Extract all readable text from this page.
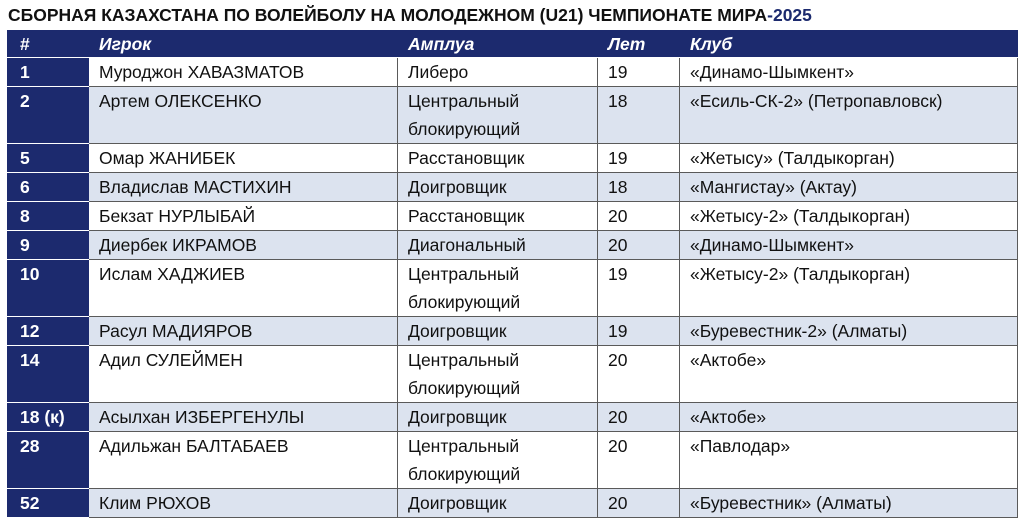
СБОРНАЯ КАЗАХСТАНА ПО ВОЛЕЙБОЛУ НА МОЛОДЕЖНОМ (U21) ЧЕМПИОНАТЕ МИРА-2025
#	Игрок	Амплуа	Лет	Клуб
1	Муроджон ХАВАЗМАТОВ	Либеро	19	«Динамо-Шымкент»
2	Артем ОЛЕКСЕНКО	Центральный блокирующий	18	«Есиль-СК-2» (Петропавловск)
5	Омар ЖАНИБЕК	Расстановщик	19	«Жетысу» (Талдыкорган)
6	Владислав МАСТИХИН	Доигровщик	18	«Мангистау» (Актау)
8	Бекзат НУРЛЫБАЙ	Расстановщик	20	«Жетысу-2» (Талдыкорган)
9	Диербек ИКРАМОВ	Диагональный	20	«Динамо-Шымкент»
10	Ислам ХАДЖИЕВ	Центральный блокирующий	19	«Жетысу-2» (Талдыкорган)
12	Расул МАДИЯРОВ	Доигровщик	19	«Буревестник-2» (Алматы)
14	Адил СУЛЕЙМЕН	Центральный блокирующий	20	«Актобе»
18 (к)	Асылхан ИЗБЕРГЕНУЛЫ	Доигровщик	20	«Актобе»
28	Адильжан БАЛТАБАЕВ	Центральный блокирующий	20	«Павлодар»
52	Клим РЮХОВ	Доигровщик	20	«Буревестник» (Алматы)
